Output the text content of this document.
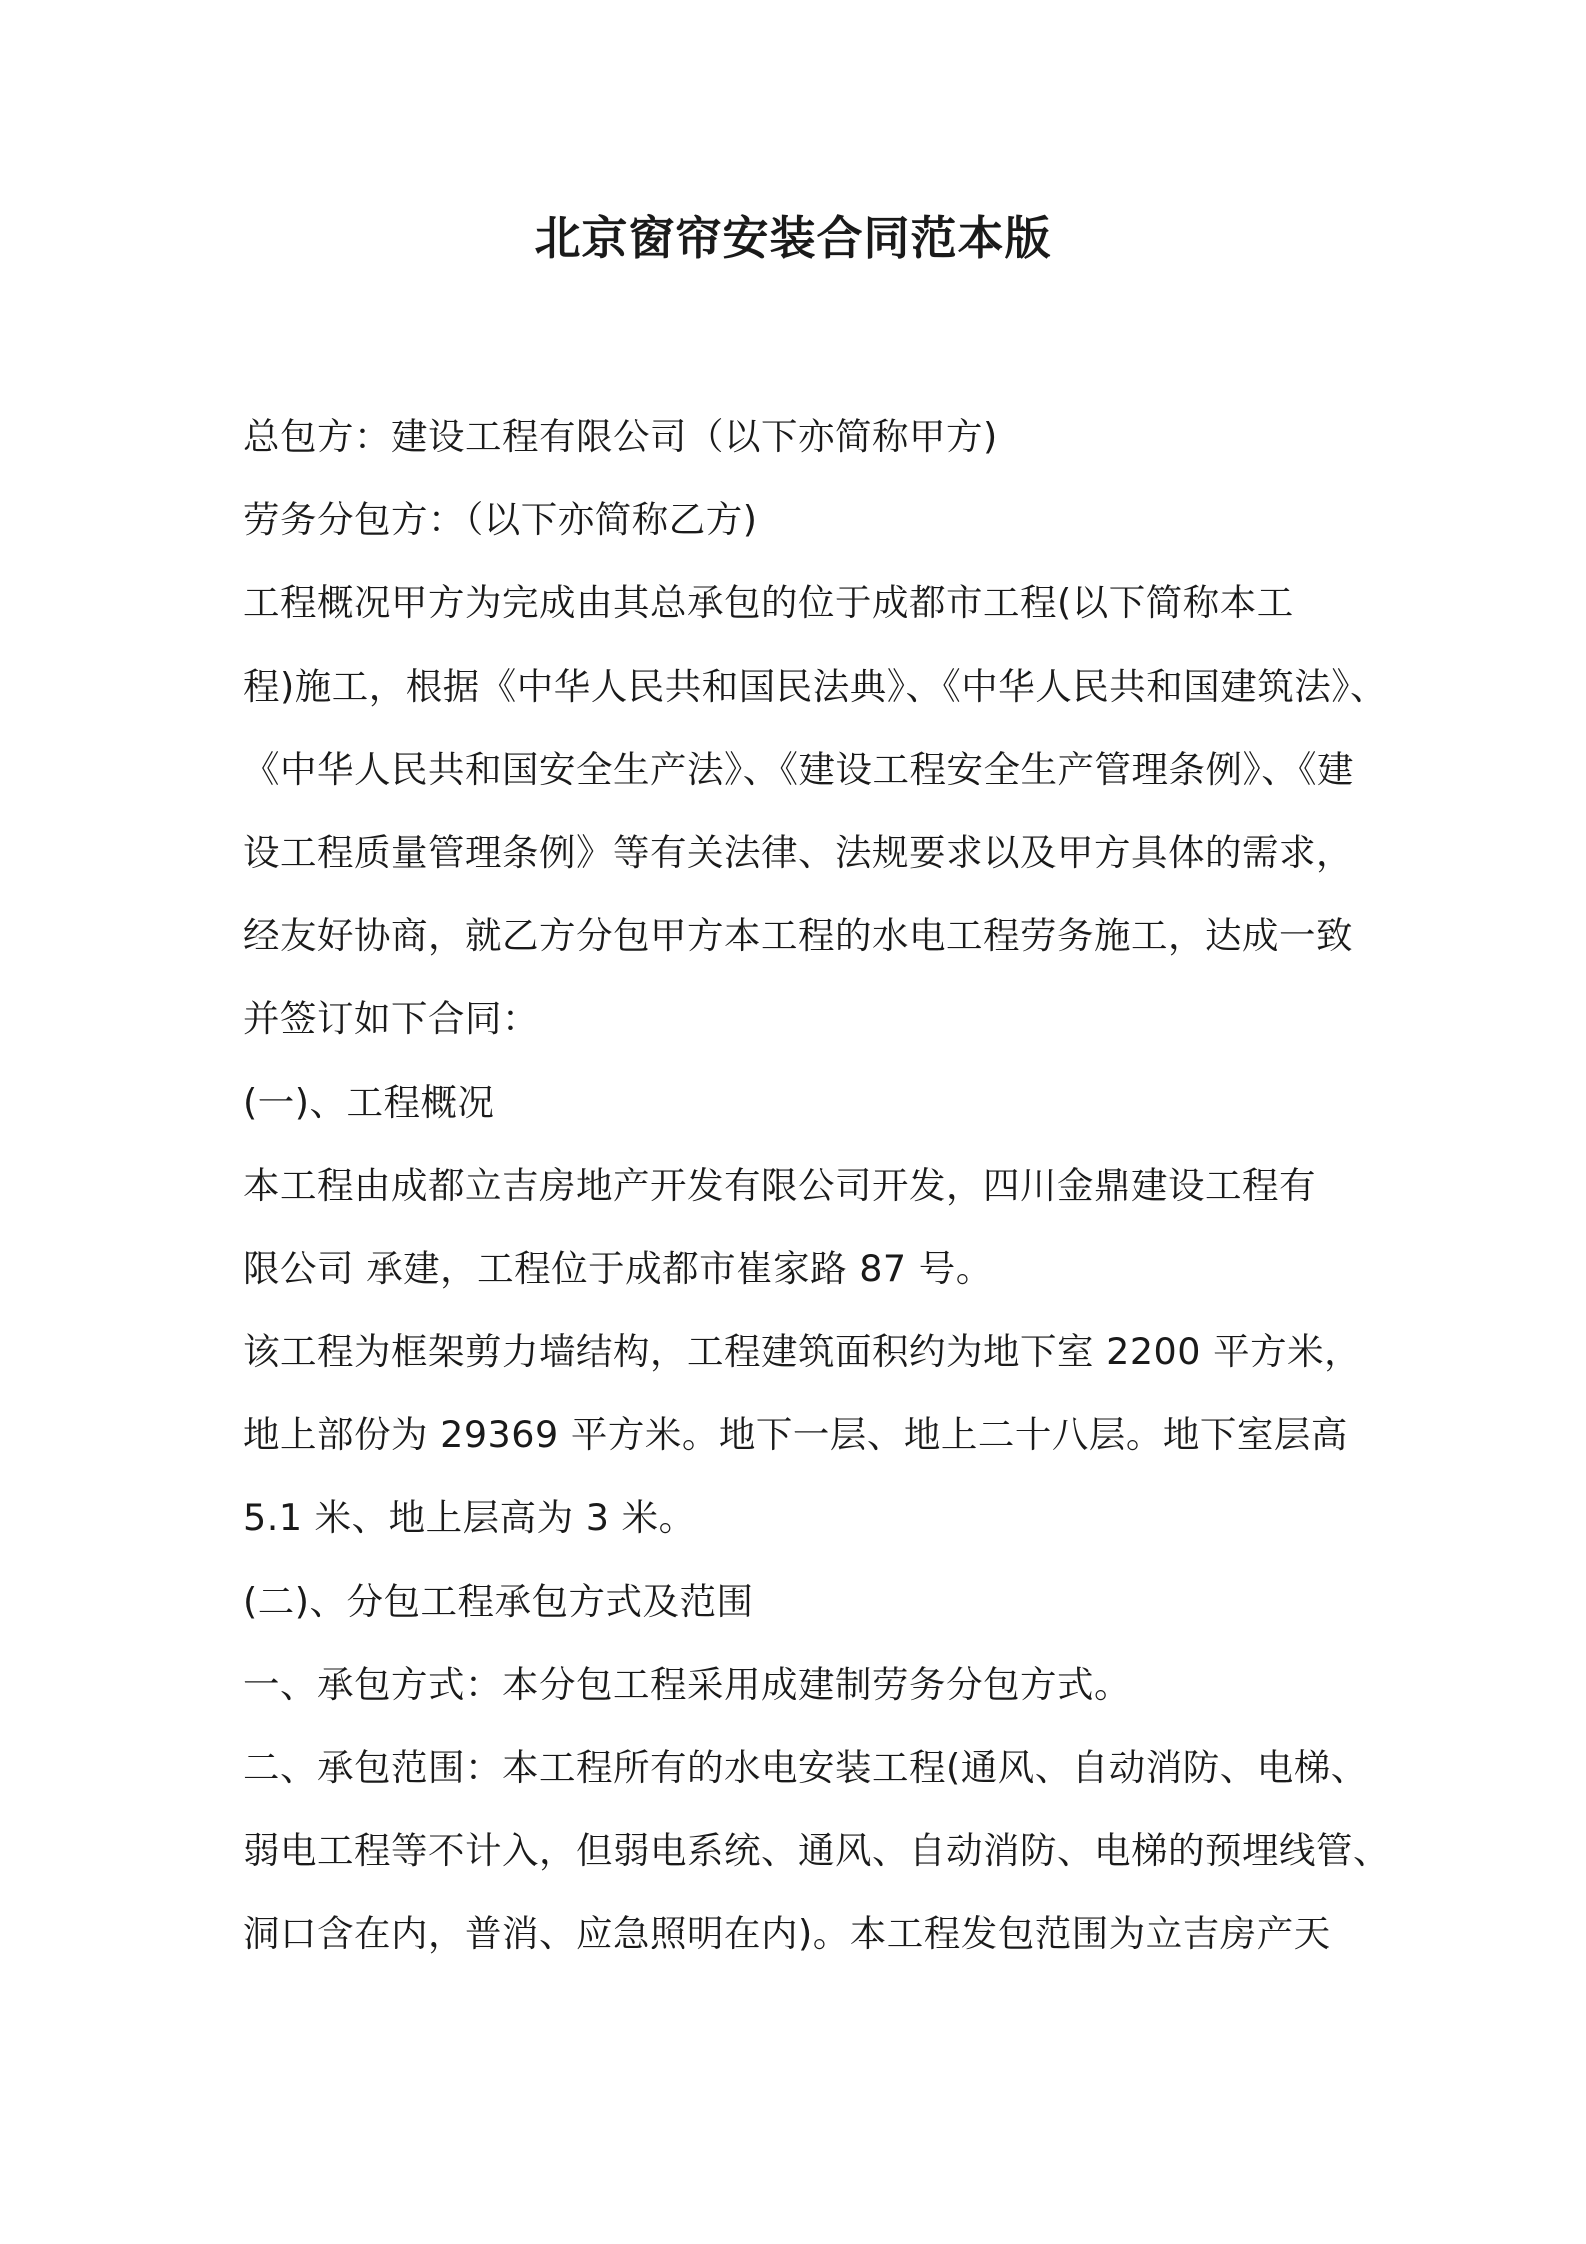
北京窗帘安装合同范本版
总包方：建设工程有限公司（以下亦简称甲方)
劳务分包方：（以下亦简称乙方)
工程概况甲方为完成由其总承包的位于成都市工程(以下简称本工
程)施工，根据《中华人民共和国民法典》、《中华人民共和国建筑法》、
《中华人民共和国安全生产法》、《建设工程安全生产管理条例》、《建
设工程质量管理条例》等有关法律、法规要求以及甲方具体的需求，
经友好协商，就乙方分包甲方本工程的水电工程劳务施工，达成一致
并签订如下合同：
(一)、工程概况
本工程由成都立吉房地产开发有限公司开发，四川金鼎建设工程有
限公司 承建，工程位于成都市崔家路 87 号。
该工程为框架剪力墙结构，工程建筑面积约为地下室 2200 平方米，
地上部份为 29369 平方米。地下一层、地上二十八层。地下室层高
5.1 米、地上层高为 3 米。
(二)、分包工程承包方式及范围
一、承包方式：本分包工程采用成建制劳务分包方式。
二、承包范围：本工程所有的水电安装工程(通风、自动消防、电梯、
弱电工程等不计入，但弱电系统、通风、自动消防、电梯的预埋线管、
洞口含在内，普消、应急照明在内)。本工程发包范围为立吉房产天
